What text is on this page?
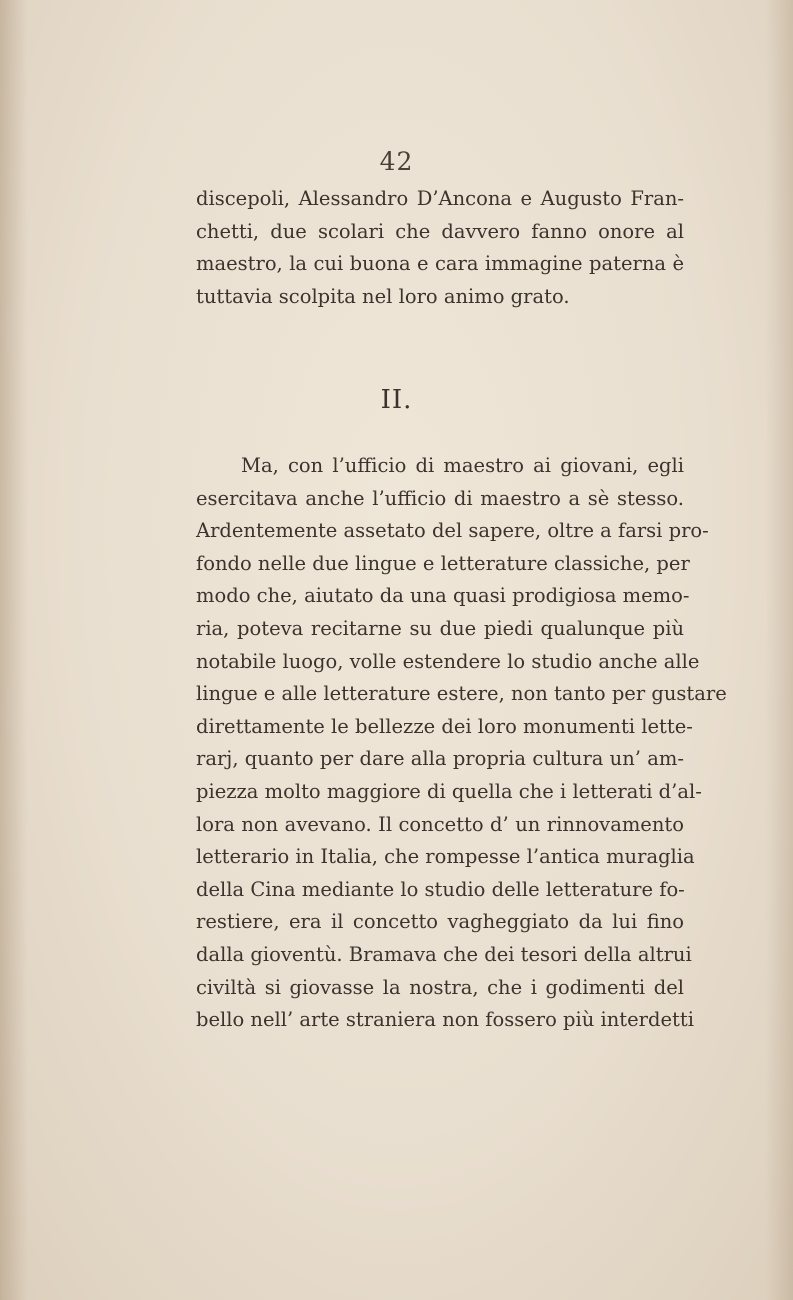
42
discepoli, Alessandro D’Ancona e Augusto Fran-
chetti, due scolari che davvero fanno onore al
maestro, la cui buona e cara immagine paterna è
tuttavia scolpita nel loro animo grato.
II.
Ma, con l’ufficio di maestro ai giovani, egli
esercitava anche l’ufficio di maestro a sè stesso.
Ardentemente assetato del sapere, oltre a farsi pro-
fondo nelle due lingue e letterature classiche, per
modo che, aiutato da una quasi prodigiosa memo-
ria, poteva recitarne su due piedi qualunque più
notabile luogo, volle estendere lo studio anche alle
lingue e alle letterature estere, non tanto per gustare
direttamente le bellezze dei loro monumenti lette-
rarj, quanto per dare alla propria cultura un’ am-
piezza molto maggiore di quella che i letterati d’al-
lora non avevano. Il concetto d’ un rinnovamento
letterario in Italia, che rompesse l’antica muraglia
della Cina mediante lo studio delle letterature fo-
restiere, era il concetto vagheggiato da lui fino
dalla gioventù. Bramava che dei tesori della altrui
civiltà si giovasse la nostra, che i godimenti del
bello nell’ arte straniera non fossero più interdetti
